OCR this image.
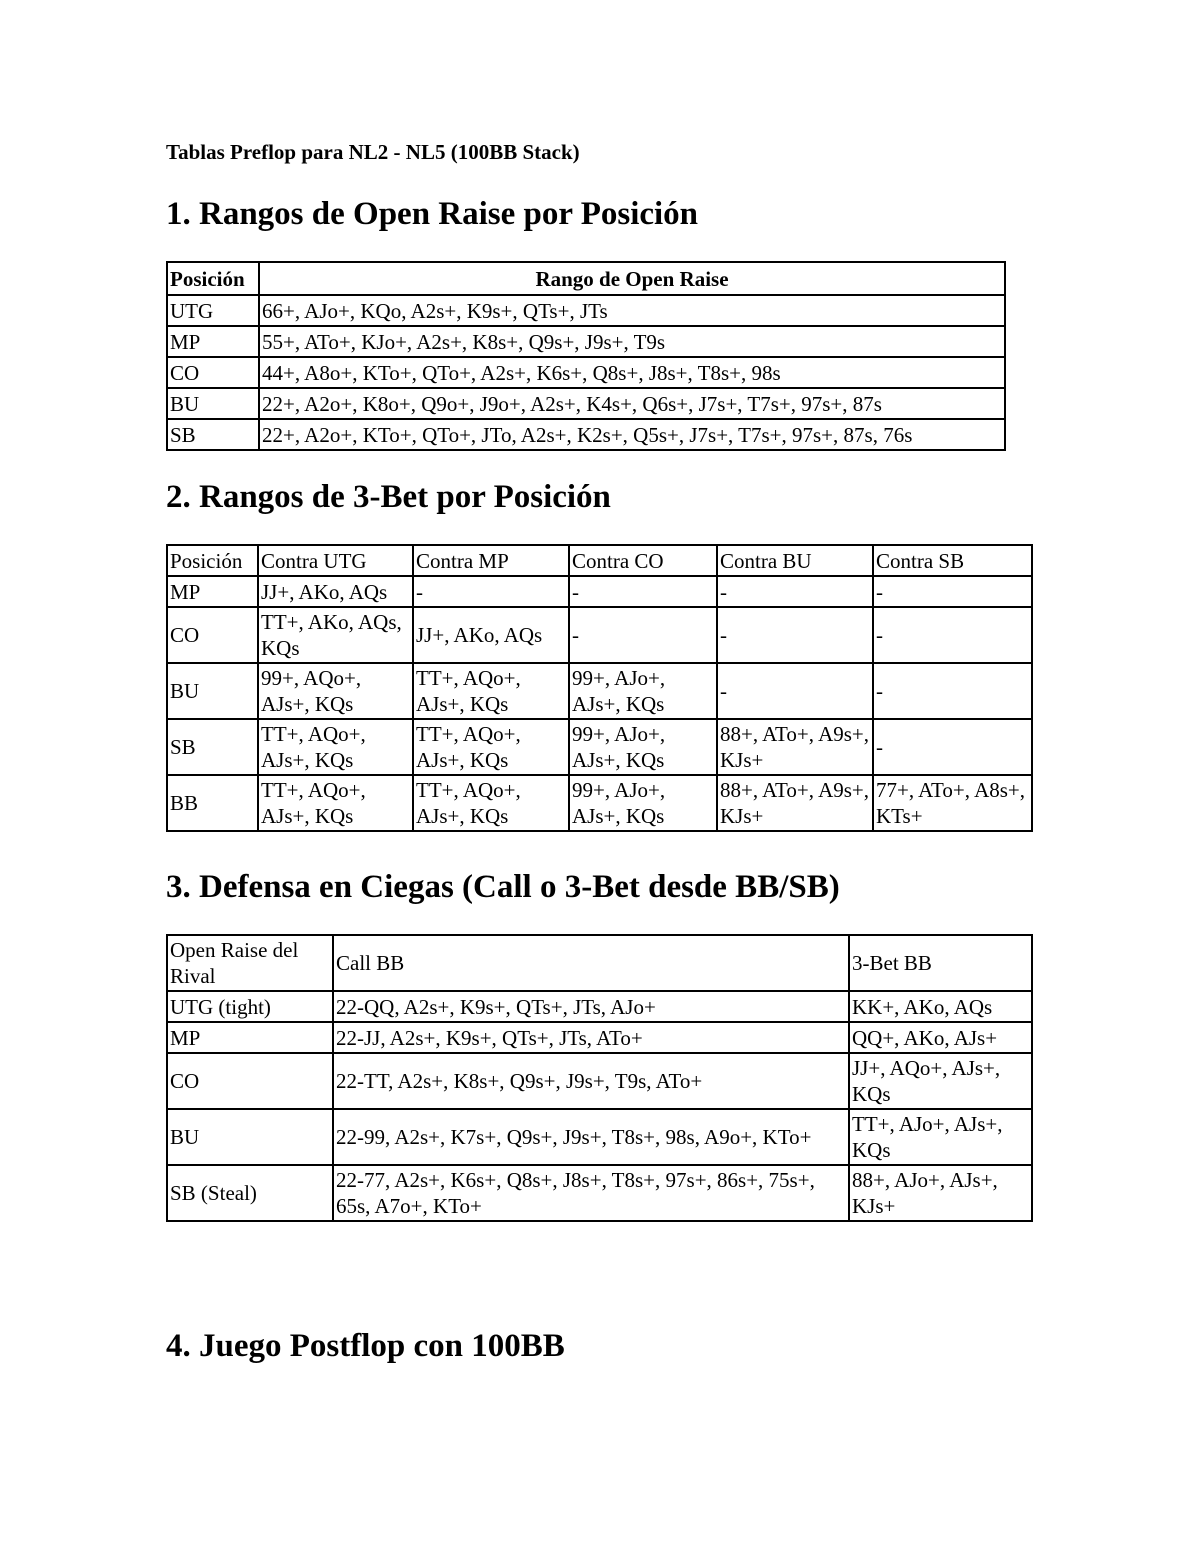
Tablas Preflop para NL2 - NL5 (100BB Stack)
1. Rangos de Open Raise por Posición
Posición	Rango de Open Raise
UTG	66+, AJo+, KQo, A2s+, K9s+, QTs+, JTs
MP	55+, ATo+, KJo+, A2s+, K8s+, Q9s+, J9s+, T9s
CO	44+, A8o+, KTo+, QTo+, A2s+, K6s+, Q8s+, J8s+, T8s+, 98s
BU	22+, A2o+, K8o+, Q9o+, J9o+, A2s+, K4s+, Q6s+, J7s+, T7s+, 97s+, 87s
SB	22+, A2o+, KTo+, QTo+, JTo, A2s+, K2s+, Q5s+, J7s+, T7s+, 97s+, 87s, 76s
2. Rangos de 3-Bet por Posición
Posición	Contra UTG	Contra MP	Contra CO	Contra BU	Contra SB
MP	JJ+, AKo, AQs	-	-	-	-
CO	TT+, AKo, AQs, KQs	JJ+, AKo, AQs	-	-	-
BU	99+, AQo+, AJs+, KQs	TT+, AQo+, AJs+, KQs	99+, AJo+, AJs+, KQs	-	-
SB	TT+, AQo+, AJs+, KQs	TT+, AQo+, AJs+, KQs	99+, AJo+, AJs+, KQs	88+, ATo+, A9s+, KJs+	-
BB	TT+, AQo+, AJs+, KQs	TT+, AQo+, AJs+, KQs	99+, AJo+, AJs+, KQs	88+, ATo+, A9s+, KJs+	77+, ATo+, A8s+, KTs+
3. Defensa en Ciegas (Call o 3-Bet desde BB/SB)
Open Raise del Rival	Call BB	3-Bet BB
UTG (tight)	22-QQ, A2s+, K9s+, QTs+, JTs, AJo+	KK+, AKo, AQs
MP	22-JJ, A2s+, K9s+, QTs+, JTs, ATo+	QQ+, AKo, AJs+
CO	22-TT, A2s+, K8s+, Q9s+, J9s+, T9s, ATo+	JJ+, AQo+, AJs+, KQs
BU	22-99, A2s+, K7s+, Q9s+, J9s+, T8s+, 98s, A9o+, KTo+	TT+, AJo+, AJs+, KQs
SB (Steal)	22-77, A2s+, K6s+, Q8s+, J8s+, T8s+, 97s+, 86s+, 75s+, 65s, A7o+, KTo+	88+, AJo+, AJs+, KJs+
4. Juego Postflop con 100BB
